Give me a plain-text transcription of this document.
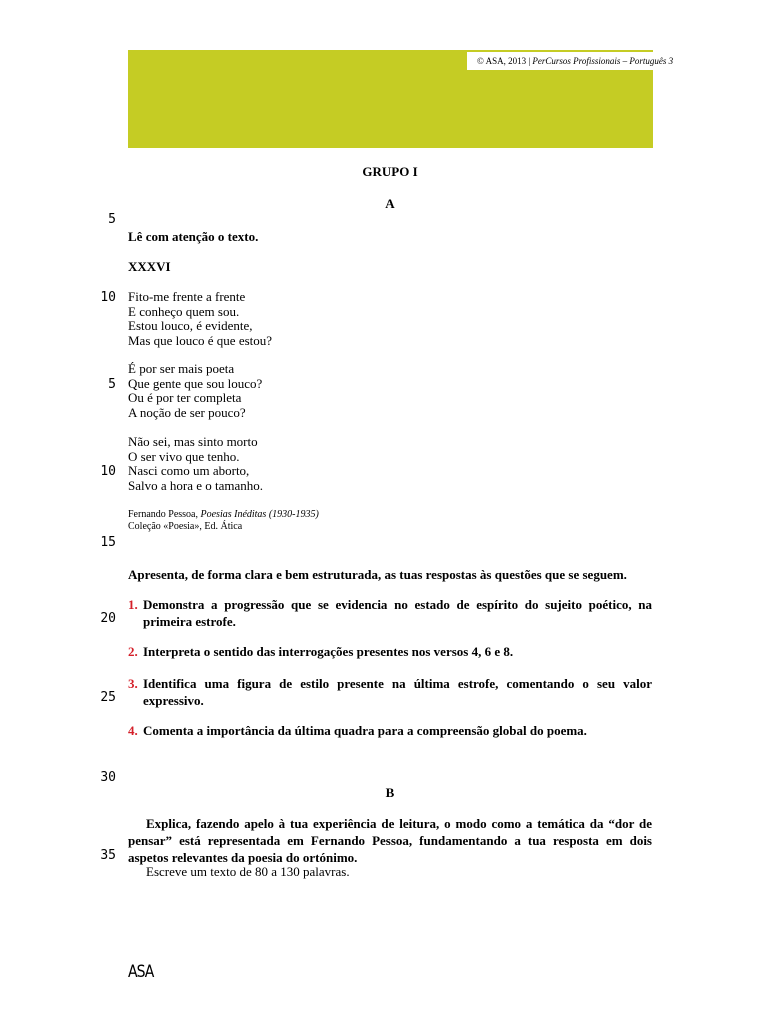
© ASA, 2013 | PerCursos Profissionais – Português 3
GRUPO I
A
5
10
5
10
15
20
25
30
35
Lê com atenção o texto.
XXXVI
Fito-me frente a frente
E conheço quem sou.
Estou louco, é evidente,
Mas que louco é que estou?
É por ser mais poeta
Que gente que sou louco?
Ou é por ter completa
A noção de ser pouco?
Não sei, mas sinto morto
O ser vivo que tenho.
Nasci como um aborto,
Salvo a hora e o tamanho.
Fernando Pessoa, Poesias Inéditas (1930-1935)
Coleção «Poesia», Ed. Ática
Apresenta, de forma clara e bem estruturada, as tuas respostas às questões que se seguem.
1. Demonstra a progressão que se evidencia no estado de espírito do sujeito poético, na primeira estrofe.
2. Interpreta o sentido das interrogações presentes nos versos 4, 6 e 8.
3. Identifica uma figura de estilo presente na última estrofe, comentando o seu valor expressivo.
4. Comenta a importância da última quadra para a compreensão global do poema.
B
Explica, fazendo apelo à tua experiência de leitura, o modo como a temática da “dor de pensar” está representada em Fernando Pessoa, fundamentando a tua resposta em dois aspetos relevantes da poesia do ortónimo.
Escreve um texto de 80 a 130 palavras.
ASA
